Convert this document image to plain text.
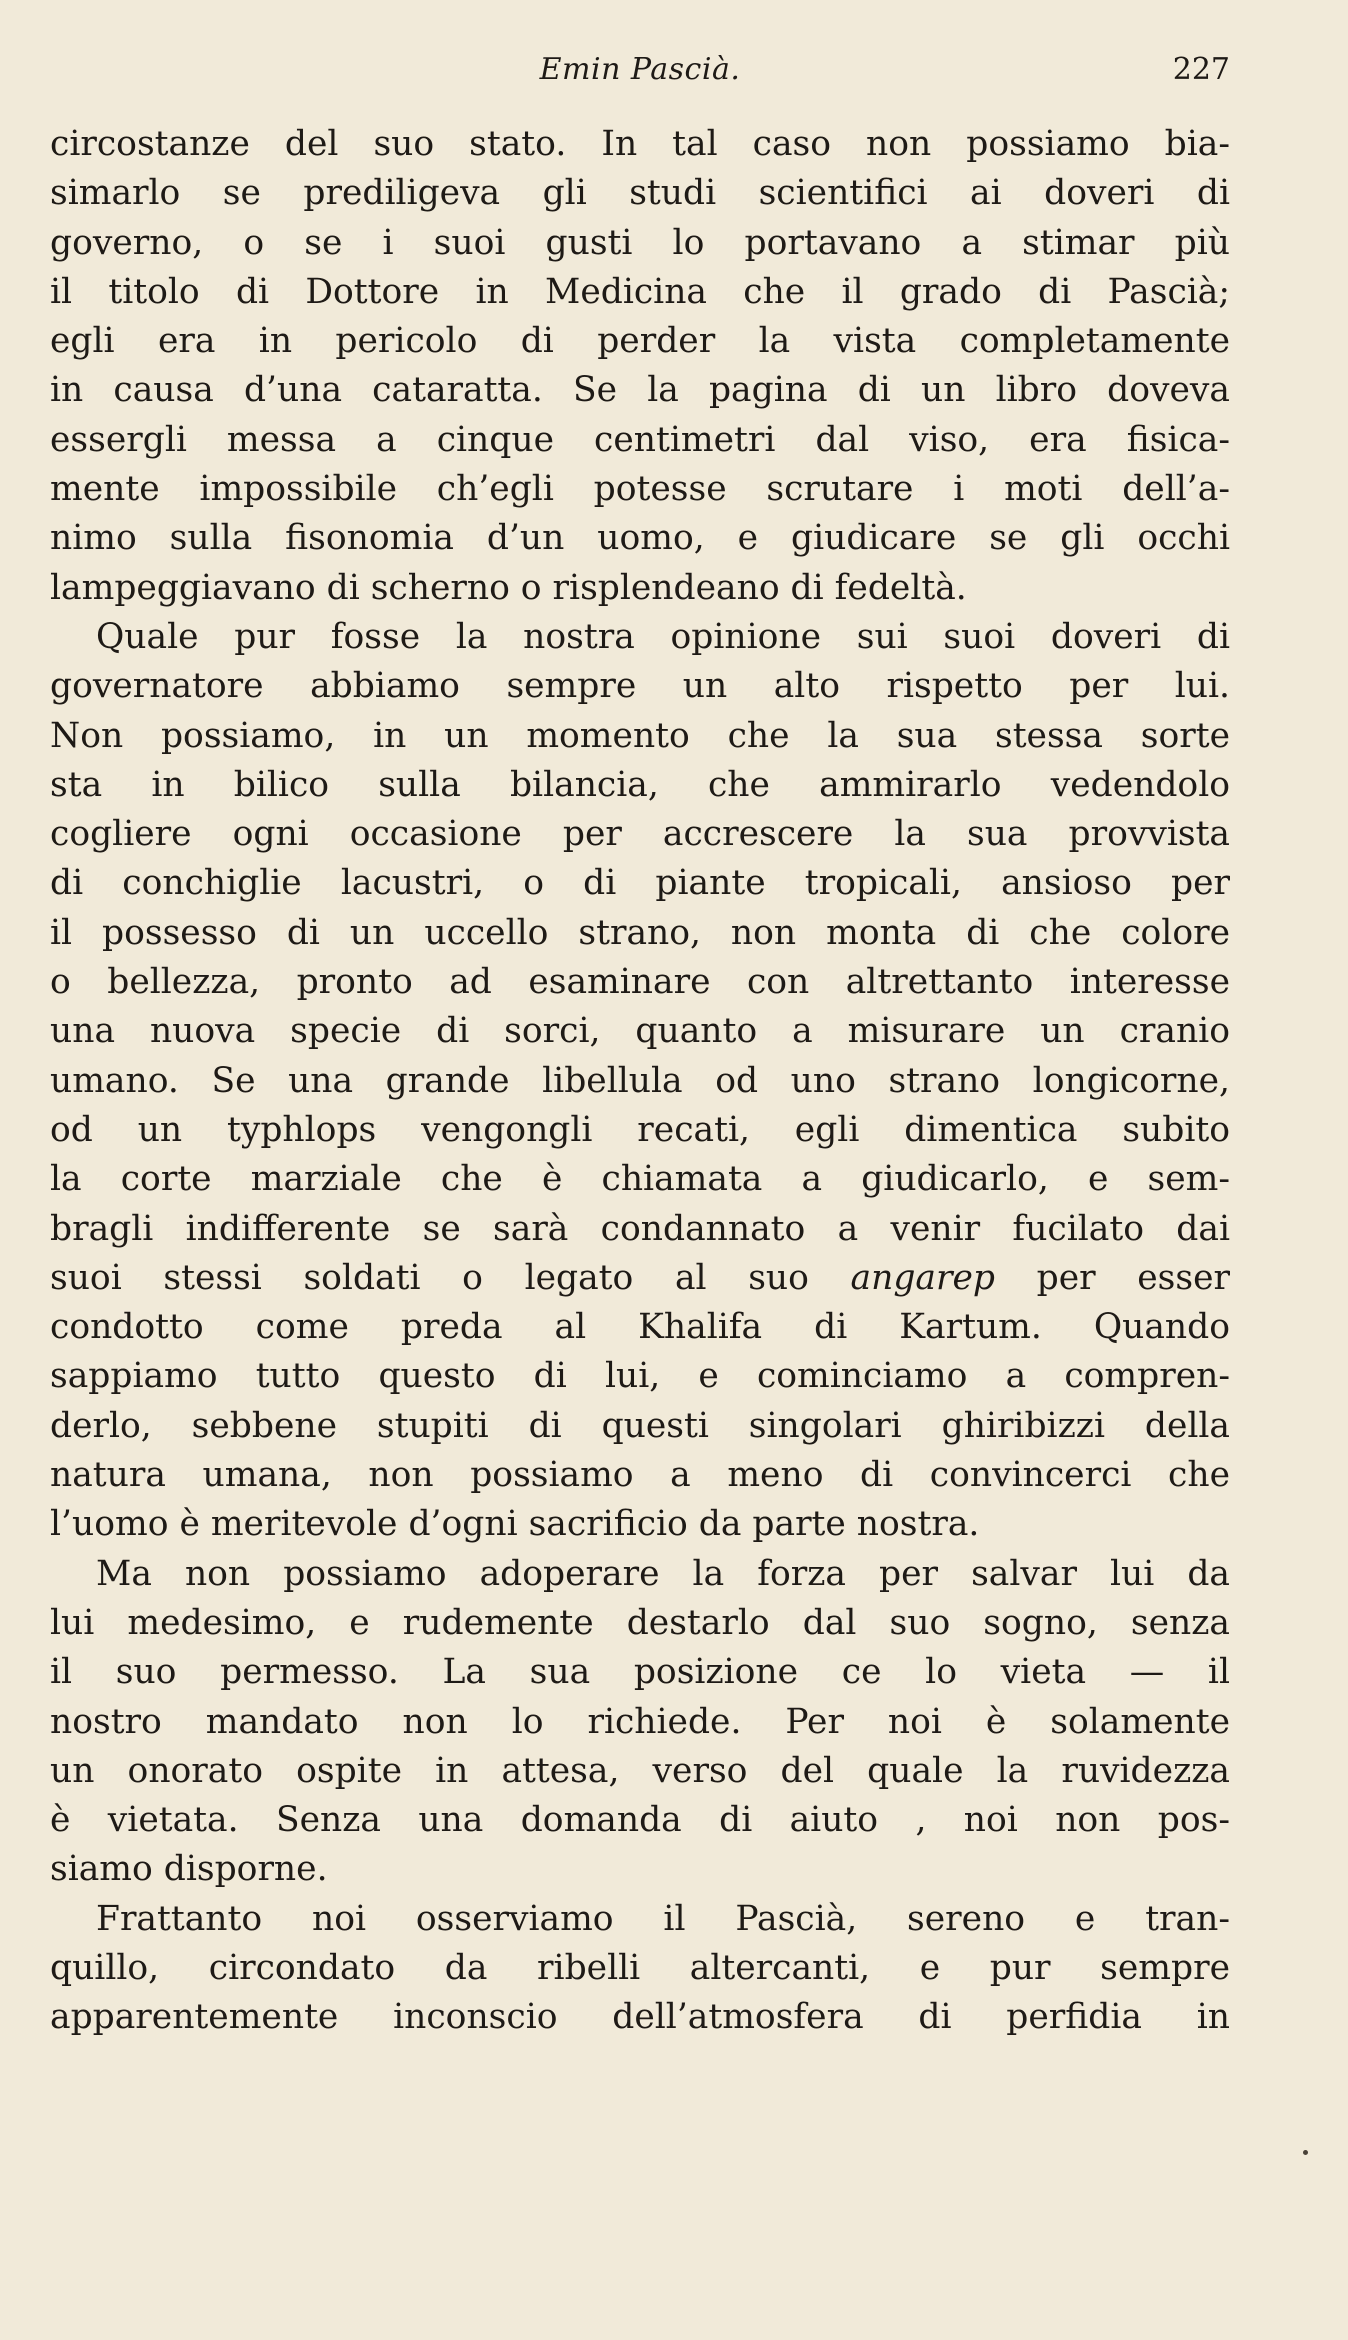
Emin Pascià.	227
circostanze del suo stato. In tal caso non possiamo bia-
simarlo se prediligeva gli studi scientifici ai doveri di
governo, o se i suoi gusti lo portavano a stimar più
il titolo di Dottore in Medicina che il grado di Pascià;
egli era in pericolo di perder la vista completamente
in causa d’una cataratta. Se la pagina di un libro doveva
essergli messa a cinque centimetri dal viso, era fisica-
mente impossibile ch’egli potesse scrutare i moti dell’a-
nimo sulla fisonomia d’un uomo, e giudicare se gli occhi
lampeggiavano di scherno o risplendeano di fedeltà.
Quale pur fosse la nostra opinione sui suoi doveri di
governatore abbiamo sempre un alto rispetto per lui.
Non possiamo, in un momento che la sua stessa sorte
sta in bilico sulla bilancia, che ammirarlo vedendolo
cogliere ogni occasione per accrescere la sua provvista
di conchiglie lacustri, o di piante tropicali, ansioso per
il possesso di un uccello strano, non monta di che colore
o bellezza, pronto ad esaminare con altrettanto interesse
una nuova specie di sorci, quanto a misurare un cranio
umano. Se una grande libellula od uno strano longicorne,
od un typhlops vengongli recati, egli dimentica subito
la corte marziale che è chiamata a giudicarlo, e sem-
bragli indifferente se sarà condannato a venir fucilato dai
suoi stessi soldati o legato al suo angarep per esser
condotto come preda al Khalifa di Kartum. Quando
sappiamo tutto questo di lui, e cominciamo a compren-
derlo, sebbene stupiti di questi singolari ghiribizzi della
natura umana, non possiamo a meno di convincerci che
l’uomo è meritevole d’ogni sacrificio da parte nostra.
Ma non possiamo adoperare la forza per salvar lui da
lui medesimo, e rudemente destarlo dal suo sogno, senza
il suo permesso. La sua posizione ce lo vieta — il
nostro mandato non lo richiede. Per noi è solamente
un onorato ospite in attesa, verso del quale la ruvidezza
è vietata. Senza una domanda di aiuto , noi non pos-
siamo disporne.
Frattanto noi osserviamo il Pascià, sereno e tran-
quillo, circondato da ribelli altercanti, e pur sempre
apparentemente inconscio dell’atmosfera di perfidia in
